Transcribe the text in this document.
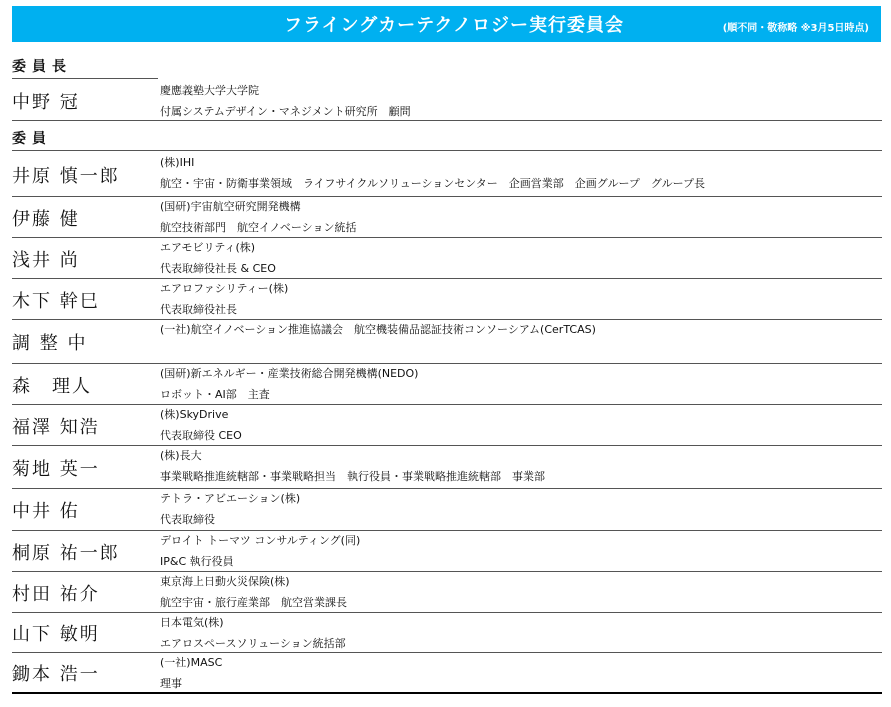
フライングカーテクノロジー実行委員会	(順不同・敬称略 ※3月5日時点)
委員長
中野 冠
慶應義塾大学大学院
付属システムデザイン・マネジメント研究所　顧問
委員
井原 慎一郎
(株)IHI
航空・宇宙・防衛事業領域　ライフサイクルソリューションセンター　企画営業部　企画グループ　グループ長
伊藤 健
(国研)宇宙航空研究開発機構
航空技術部門　航空イノベーション統括
浅井 尚
エアモビリティ(株)
代表取締役社長 & CEO
木下 幹巳
エアロファシリティー(株)
代表取締役社長
調 整 中
(一社)航空イノベーション推進協議会　航空機装備品認証技術コンソーシアム(CerTCAS)
森　理人
(国研)新エネルギー・産業技術総合開発機構(NEDO)
ロボット・AI部　主査
福澤 知浩
(株)SkyDrive
代表取締役 CEO
菊地 英一
(株)長大
事業戦略推進統轄部・事業戦略担当　執行役員・事業戦略推進統轄部　事業部
中井 佑
テトラ・アビエーション(株)
代表取締役
桐原 祐一郎
デロイト トーマツ コンサルティング(同)
IP&C 執行役員
村田 祐介
東京海上日動火災保険(株)
航空宇宙・旅行産業部　航空営業課長
山下 敏明
日本電気(株)
エアロスペースソリューション統括部
鋤本 浩一
(一社)MASC
理事
